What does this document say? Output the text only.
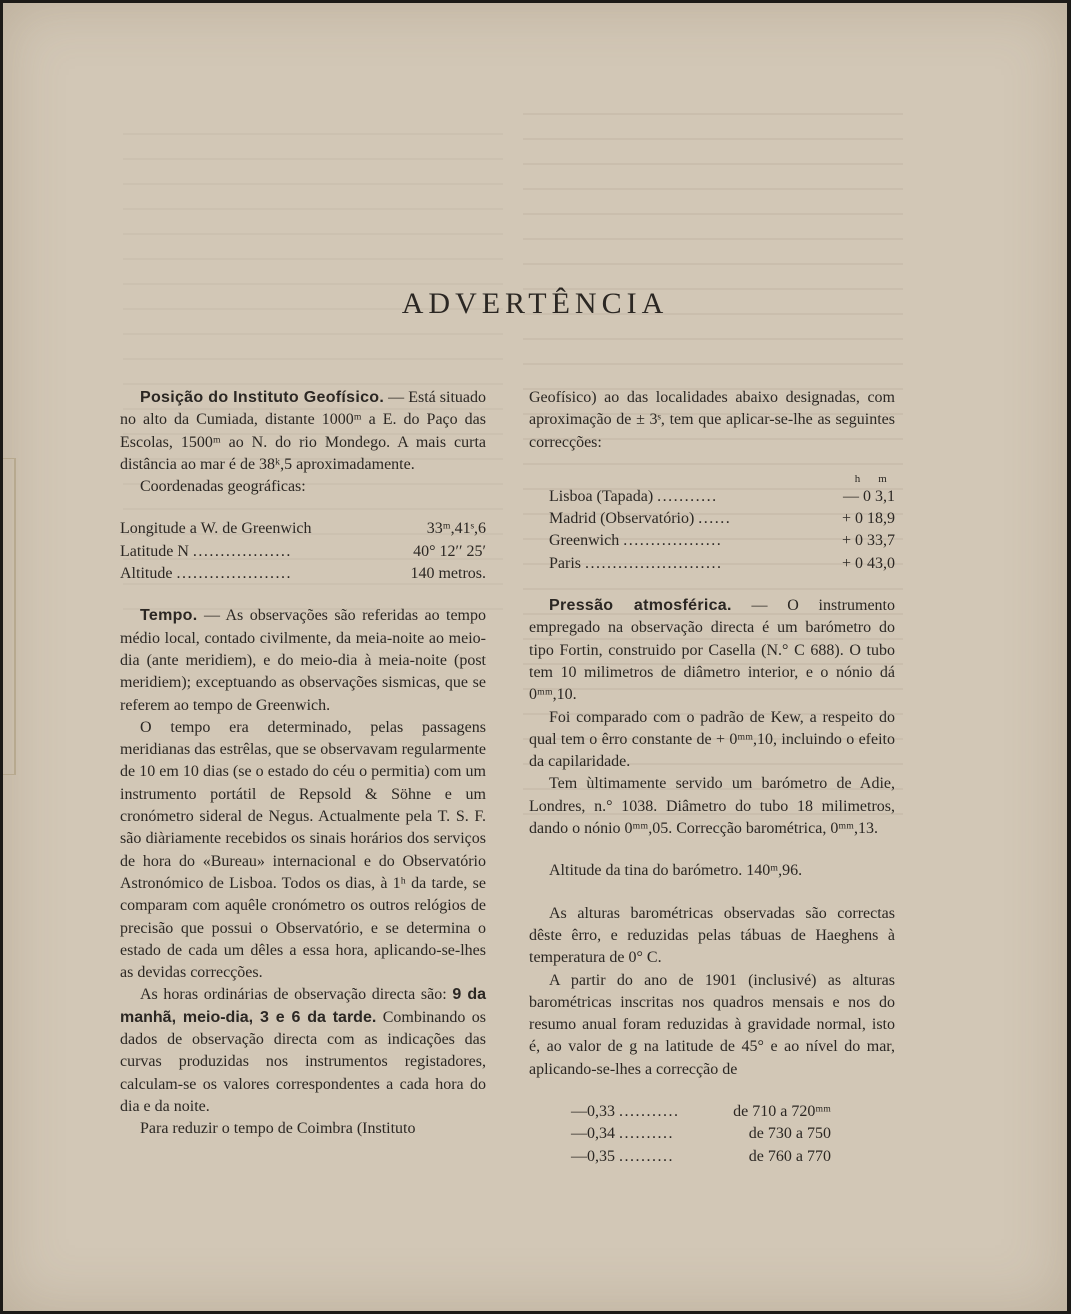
ADVERTÊNCIA

Posição do Instituto Geofísico. — Está situado no alto da Cumiada, distante 1000ᵐ a E. do Paço das Escolas, 1500ᵐ ao N. do rio Mondego. A mais curta distância ao mar é de 38ᵏ,5 aproximadamente.

Coordenadas geográficas:

Longitude a W. de Greenwich	33ᵐ,41ˢ,6
Latitude N ..................	40° 12′′ 25′
Altitude .....................	140 metros.

Tempo. — As observações são referidas ao tempo médio local, contado civilmente, da meia-noite ao meio-dia (ante meridiem), e do meio-dia à meia-noite (post meridiem); exceptuando as observações sismicas, que se referem ao tempo de Greenwich.

O tempo era determinado, pelas passagens meridianas das estrêlas, que se observavam regularmente de 10 em 10 dias (se o estado do céu o permitia) com um instrumento portátil de Repsold & Söhne e um cronómetro sideral de Negus. Actualmente pela T. S. F. são diàriamente recebidos os sinais horários dos serviços de hora do «Bureau» internacional e do Observatório Astronómico de Lisboa. Todos os dias, à 1ʰ da tarde, se comparam com aquêle cronómetro os outros relógios de precisão que possui o Observatório, e se determina o estado de cada um dêles a essa hora, aplicando-se-lhes as devidas correcções.

As horas ordinárias de observação directa são: 9 da manhã, meio-dia, 3 e 6 da tarde. Combinando os dados de observação directa com as indicações das curvas produzidas nos instrumentos registadores, calculam-se os valores correspondentes a cada hora do dia e da noite.

Para reduzir o tempo de Coimbra (Instituto

Geofísico) ao das localidades abaixo designadas, com aproximação de ± 3ˢ, tem que aplicar-se-lhe as seguintes correcções:

h m
Lisboa (Tapada) ...........	— 0 3,1
Madrid (Observatório) ......	+ 0 18,9
Greenwich ..................	+ 0 33,7
Paris .........................	+ 0 43,0

Pressão atmosférica. — O instrumento empregado na observação directa é um barómetro do tipo Fortin, construido por Casella (N.° C 688). O tubo tem 10 milimetros de diâmetro interior, e o nónio dá 0ᵐᵐ,10.

Foi comparado com o padrão de Kew, a respeito do qual tem o êrro constante de + 0ᵐᵐ,10, incluindo o efeito da capilaridade.

Tem ùltimamente servido um barómetro de Adie, Londres, n.° 1038. Diâmetro do tubo 18 milimetros, dando o nónio 0ᵐᵐ,05. Correcção barométrica, 0ᵐᵐ,13.

Altitude da tina do barómetro. 140ᵐ,96.

As alturas barométricas observadas são correctas dêste êrro, e reduzidas pelas tábuas de Haeghens à temperatura de 0° C.

A partir do ano de 1901 (inclusivé) as alturas barométricas inscritas nos quadros mensais e nos do resumo anual foram reduzidas à gravidade normal, isto é, ao valor de g na latitude de 45° e ao nível do mar, aplicando-se-lhes a correcção de

—0,33 ...........	de 710 a 720ᵐᵐ
—0,34 ..........	de 730 a 750
—0,35 ..........	de 760 a 770
